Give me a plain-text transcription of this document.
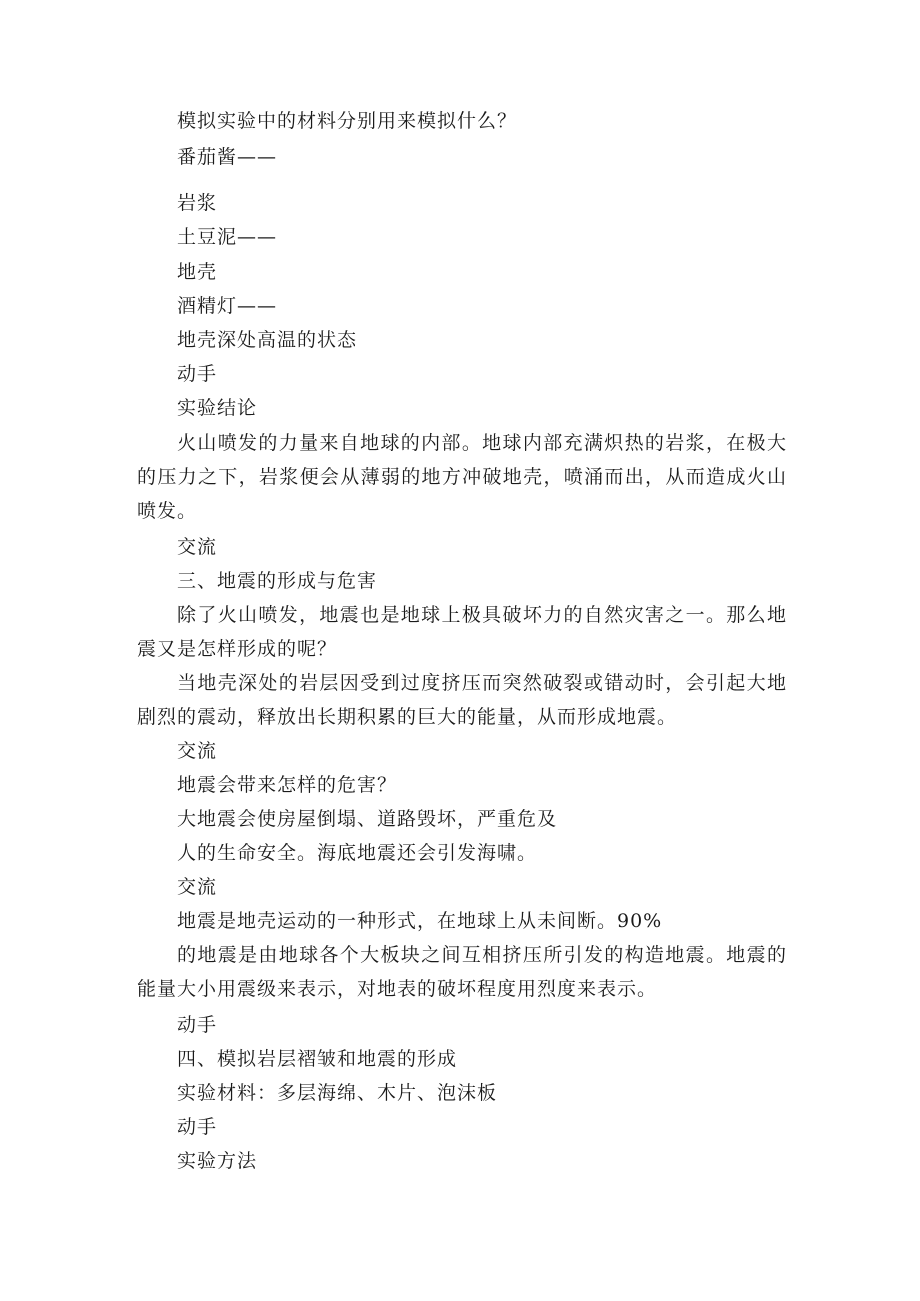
模拟实验中的材料分别用来模拟什么？

番茄酱——

岩浆

土豆泥——

地壳

酒精灯——

地壳深处高温的状态

动手

实验结论

火山喷发的力量来自地球的内部。地球内部充满炽热的岩浆，在极大的压力之下，岩浆便会从薄弱的地方冲破地壳，喷涌而出，从而造成火山喷发。

交流

三、地震的形成与危害

除了火山喷发，地震也是地球上极具破坏力的自然灾害之一。那么地震又是怎样形成的呢？

当地壳深处的岩层因受到过度挤压而突然破裂或错动时，会引起大地剧烈的震动，释放出长期积累的巨大的能量，从而形成地震。

交流

地震会带来怎样的危害？

大地震会使房屋倒塌、道路毁坏，严重危及

人的生命安全。海底地震还会引发海啸。

交流

地震是地壳运动的一种形式，在地球上从未间断。90%

的地震是由地球各个大板块之间互相挤压所引发的构造地震。地震的能量大小用震级来表示，对地表的破坏程度用烈度来表示。

动手

四、模拟岩层褶皱和地震的形成

实验材料：多层海绵、木片、泡沫板

动手

实验方法
